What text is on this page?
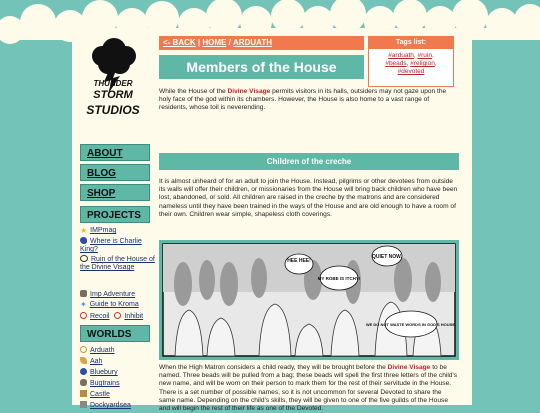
THUNDER
STORM
STUDIOS
ABOUT
BLOG
SHOP
PROJECTS
★ IMPmag
Where is Charlie King?
Ruin of the House of the Divine Visage
Imp Adventure
✦ Guide to Kroma
Recoil Inhibit
WORLDS
Arduath
Aah
Bluebury
Bugtrains
Castle
Dockyardsea
<- BACK | HOME / ARDUATH
Members of the House
Tags list:
#arduath, #ruin,
#beads, #religion,
#devoted
While the House of the Divine Visage permits visitors in its halls, outsiders may not gaze upon the holy face of the god within its chambers. However, the House is also home to a vast range of residents, whose toil is neverending.
Children of the creche
It is almost unheard of for an adult to join the House. Instead, pilgrims or other devotees from outside its walls will offer their children, or missionaries from the House will bring back children who have been lost, abandoned, or sold. All children are raised in the creche by the matrons and are considered nameless until they have been trained in the ways of the House and are old enough to have a room of their own. Children wear simple, shapeless cloth coverings.
HEE HEE!
MY ROBE IS ITCHY!
QUIET NOW.
WE DO NOT WASTE WORDS IN GOD'S HOUSE.
When the High Matron considers a child ready, they will be brought before the Divine Visage to be named. Three beads will be pulled from a bag; these beads will spell the first three letters of the child's new name, and will be worn on their person to mark them for the rest of their servitude in the House. There is a set number of possible names, so it is not uncommon for several Devoted to share the same name. Depending on the child's skills, they will be given to one of the five guilds of the House and will begin the rest of their life as one of the Devoted.
